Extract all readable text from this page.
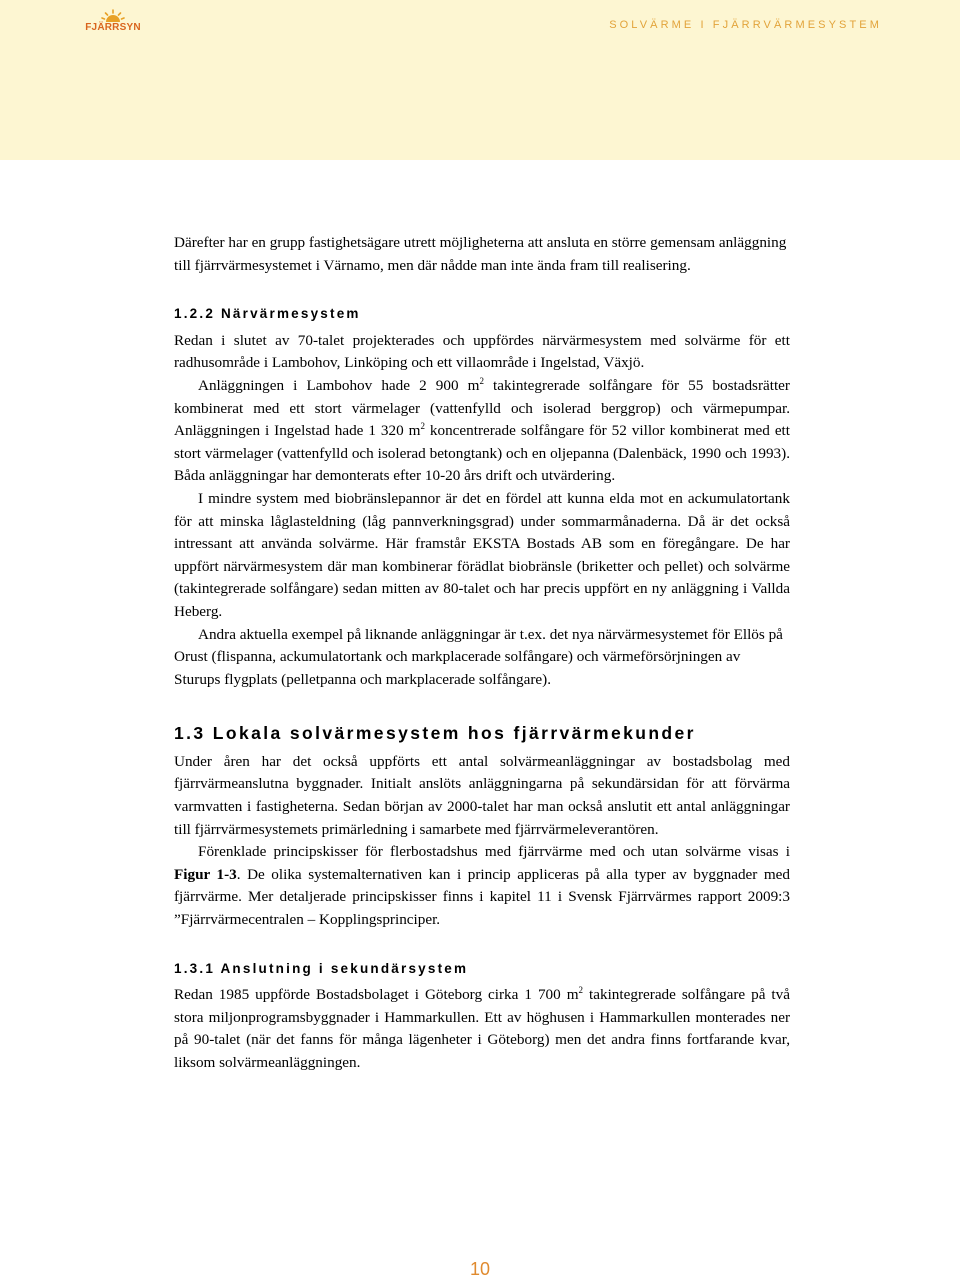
FJÄRRSYN	SOLVÄRME I FJÄRRVÄRMESYSTEM

Därefter har en grupp fastighetsägare utrett möjligheterna att ansluta en större gemensam anläggning till fjärrvärmesystemet i Värnamo, men där nådde man inte ända fram till realisering.

1.2.2 Närvärmesystem

Redan i slutet av 70-talet projekterades och uppfördes närvärmesystem med solvärme för ett radhusområde i Lambohov, Linköping och ett villaområde i Ingelstad, Växjö.

Anläggningen i Lambohov hade 2 900 $m^2$ takintegrerade solfångare för 55 bostadsrätter kombinerat med ett stort värmelager (vattenfylld och isolerad berggrop) och värmepumpar. Anläggningen i Ingelstad hade 1 320 $m^2$ koncentrerade solfångare för 52 villor kombinerat med ett stort värmelager (vattenfylld och isolerad betongtank) och en oljepanna (Dalenbäck, 1990 och 1993). Båda anläggningar har demonterats efter 10-20 års drift och utvärdering.

I mindre system med biobränslepannor är det en fördel att kunna elda mot en ackumulatortank för att minska låglasteldning (låg pannverkningsgrad) under sommarmånaderna. Då är det också intressant att använda solvärme. Här framstår EKSTA Bostads AB som en föregångare. De har uppfört närvärmesystem där man kombinerar förädlat biobränsle (briketter och pellet) och solvärme (takintegrerade solfångare) sedan mitten av 80-talet och har precis uppfört en ny anläggning i Vallda Heberg.

Andra aktuella exempel på liknande anläggningar är t.ex. det nya närvärmesystemet för Ellös på Orust (flispanna, ackumulatortank och markplacerade solfångare) och värmeförsörjningen av Sturups flygplats (pelletpanna och markplacerade solfångare).

1.3 Lokala solvärmesystem hos fjärrvärmekunder

Under åren har det också uppförts ett antal solvärmeanläggningar av bostadsbolag med fjärrvärmeanslutna byggnader. Initialt anslöts anläggningarna på sekundärsidan för att förvärma varmvatten i fastigheterna. Sedan början av 2000-talet har man också anslutit ett antal anläggningar till fjärrvärmesystemets primärledning i samarbete med fjärrvärmeleverantören.

Förenklade principskisser för flerbostadshus med fjärrvärme med och utan solvärme visas i Figur 1-3. De olika systemalternativen kan i princip appliceras på alla typer av byggnader med fjärrvärme. Mer detaljerade principskisser finns i kapitel 11 i Svensk Fjärrvärmes rapport 2009:3 ”Fjärrvärmecentralen – Kopplingsprinciper.

1.3.1 Anslutning i sekundärsystem

Redan 1985 uppförde Bostadsbolaget i Göteborg cirka 1 700 $m^2$ takintegrerade solfångare på två stora miljonprogramsbyggnader i Hammarkullen. Ett av höghusen i Hammarkullen monterades ner på 90-talet (när det fanns för många lägenheter i Göteborg) men det andra finns fortfarande kvar, liksom solvärmeanläggningen.

10
